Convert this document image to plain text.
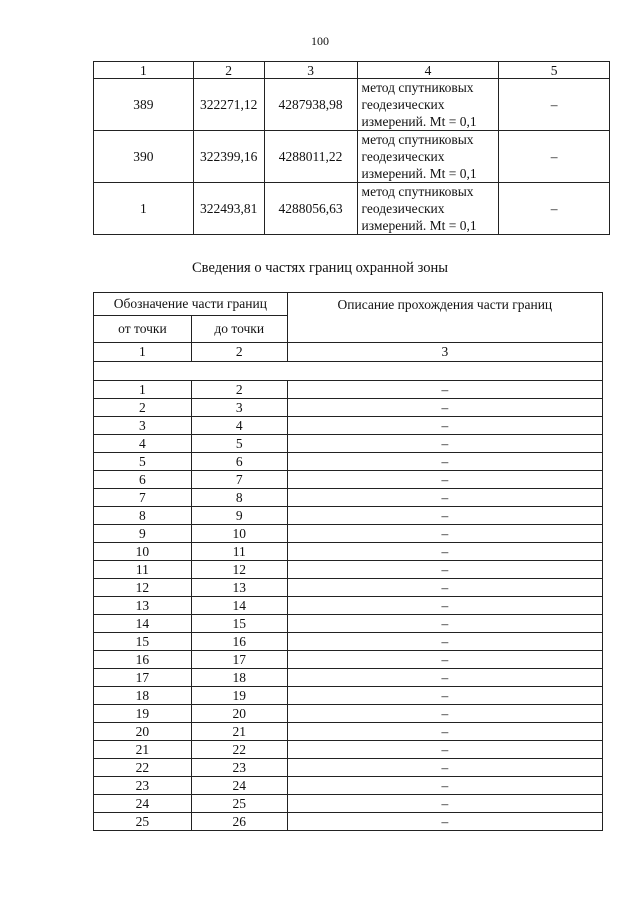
100
1	2	3	4	5
389	322271,12	4287938,98	метод спутниковых
геодезических
измерений. Mt = 0,1	–
390	322399,16	4288011,22	метод спутниковых
геодезических
измерений. Mt = 0,1	–
1	322493,81	4288056,63	метод спутниковых
геодезических
измерений. Mt = 0,1	–
Сведения о частях границ охранной зоны
Обозначение части границ		Описание прохождения части границ
от точки	до точки	
1	2	3

1	2	–
2	3	–
3	4	–
4	5	–
5	6	–
6	7	–
7	8	–
8	9	–
9	10	–
10	11	–
11	12	–
12	13	–
13	14	–
14	15	–
15	16	–
16	17	–
17	18	–
18	19	–
19	20	–
20	21	–
21	22	–
22	23	–
23	24	–
24	25	–
25	26	–
